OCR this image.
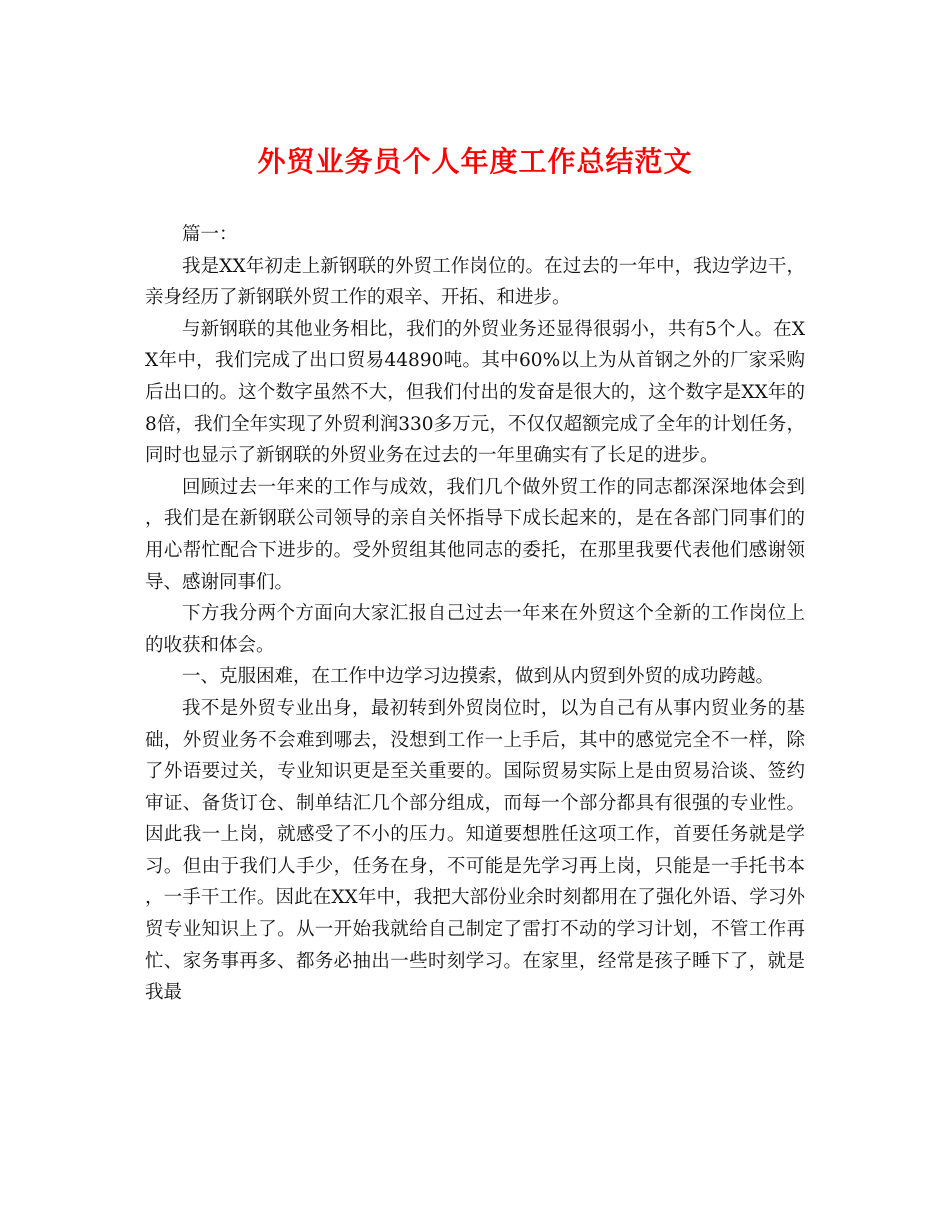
外贸业务员个人年度工作总结范文

篇一：

我是XX年初走上新钢联的外贸工作岗位的。在过去的一年中，我边学边干，亲身经历了新钢联外贸工作的艰辛、开拓、和进步。

与新钢联的其他业务相比，我们的外贸业务还显得很弱小，共有5个人。在XX年中，我们完成了出口贸易44890吨。其中60%以上为从首钢之外的厂家采购后出口的。这个数字虽然不大，但我们付出的发奋是很大的，这个数字是XX年的8倍，我们全年实现了外贸利润330多万元，不仅仅超额完成了全年的计划任务，同时也显示了新钢联的外贸业务在过去的一年里确实有了长足的进步。

回顾过去一年来的工作与成效，我们几个做外贸工作的同志都深深地体会到，我们是在新钢联公司领导的亲自关怀指导下成长起来的，是在各部门同事们的用心帮忙配合下进步的。受外贸组其他同志的委托，在那里我要代表他们感谢领导、感谢同事们。

下方我分两个方面向大家汇报自己过去一年来在外贸这个全新的工作岗位上的收获和体会。

一、克服困难，在工作中边学习边摸索，做到从内贸到外贸的成功跨越。

我不是外贸专业出身，最初转到外贸岗位时，以为自己有从事内贸业务的基础，外贸业务不会难到哪去，没想到工作一上手后，其中的感觉完全不一样，除了外语要过关，专业知识更是至关重要的。国际贸易实际上是由贸易洽谈、签约审证、备货订仓、制单结汇几个部分组成，而每一个部分都具有很强的专业性。因此我一上岗，就感受了不小的压力。知道要想胜任这项工作，首要任务就是学习。但由于我们人手少，任务在身，不可能是先学习再上岗，只能是一手托书本，一手干工作。因此在XX年中，我把大部份业余时刻都用在了强化外语、学习外贸专业知识上了。从一开始我就给自己制定了雷打不动的学习计划，不管工作再忙、家务事再多、都务必抽出一些时刻学习。在家里，经常是孩子睡下了，就是我最
